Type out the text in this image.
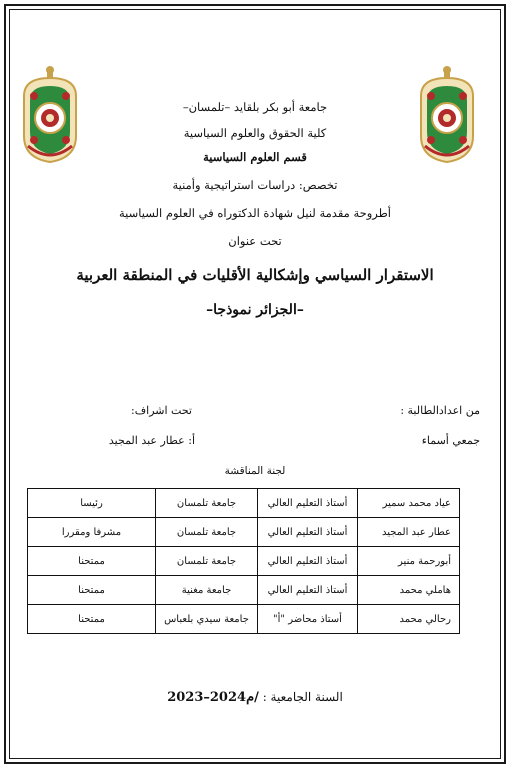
جامعة أبو بكر بلقايد –تلمسان–
كلية الحقوق والعلوم السياسية
قسم العلوم السياسية
تخصص: دراسات استراتيجية وأمنية
أطروحة مقدمة لنيل شهادة الدكتوراه في العلوم السياسية
تحت عنوان
الاستقرار السياسي وإشكالية الأقليات في المنطقة العربية
–الجزائر نموذجا–
من اعدادالطالبة :
تحت اشراف:
جمعي أسماء
أ: عطار عبد المجيد
لجنة المناقشة
عياد محمد سمير	أستاذ التعليم العالي	جامعة تلمسان	رئيسا
عطار عبد المجيد	أستاذ التعليم العالي	جامعة تلمسان	مشرفا ومقررا
أبورحمة منير	أستاذ التعليم العالي	جامعة تلمسان	ممتحنا
هاملي محمد	أستاذ التعليم العالي	جامعة مغنية	ممتحنا
رحالي محمد	أستاذ محاضر "أ"	جامعة سيدي بلعباس	ممتحنا
السنة الجامعية : 2023–2024م/
